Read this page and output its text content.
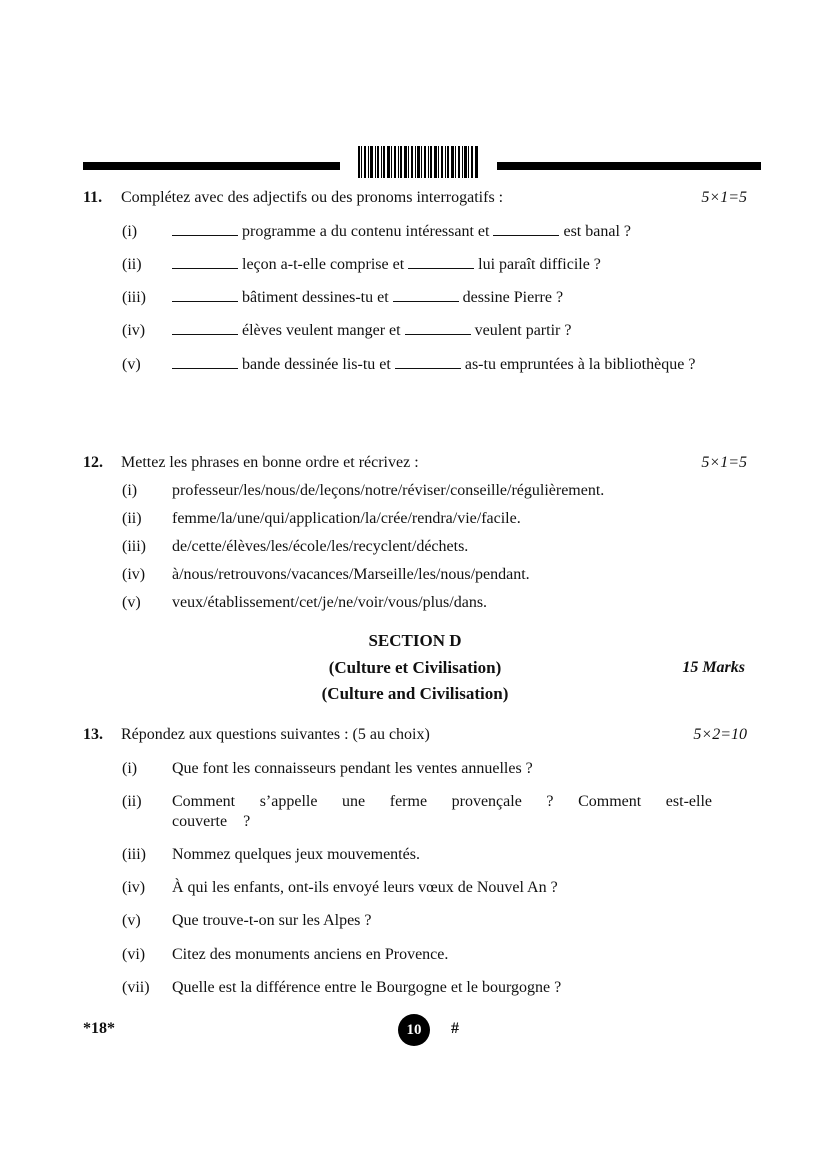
11. Complétez avec des adjectifs ou des pronoms interrogatifs :	5×1=5
(i)	programme a du contenu intéressant et	est banal ?
(ii)	leçon a-t-elle comprise et	lui paraît difficile ?
(iii)	bâtiment dessines-tu et	dessine Pierre ?
(iv)	élèves veulent manger et	veulent partir ?
(v)	bande dessinée lis-tu et	as-tu empruntées à la bibliothèque ?
12. Mettez les phrases en bonne ordre et récrivez :	5×1=5
(i) professeur/les/nous/de/leçons/notre/réviser/conseille/régulièrement.
(ii) femme/la/une/qui/application/la/crée/rendra/vie/facile.
(iii) de/cette/élèves/les/école/les/recyclent/déchets.
(iv) à/nous/retrouvons/vacances/Marseille/les/nous/pendant.
(v) veux/établissement/cet/je/ne/voir/vous/plus/dans.
SECTION D
(Culture et Civilisation)	15 Marks
(Culture and Civilisation)
13. Répondez aux questions suivantes : (5 au choix)	5×2=10
(i) Que font les connaisseurs pendant les ventes annuelles ?
(ii) Comment s’appelle une ferme provençale ? Comment est-elle couverte ?
(iii) Nommez quelques jeux mouvementés.
(iv) À qui les enfants, ont-ils envoyé leurs vœux de Nouvel An ?
(v) Que trouve-t-on sur les Alpes ?
(vi) Citez des monuments anciens en Provence.
(vii) Quelle est la différence entre le Bourgogne et le bourgogne ?
*18*	10	#
